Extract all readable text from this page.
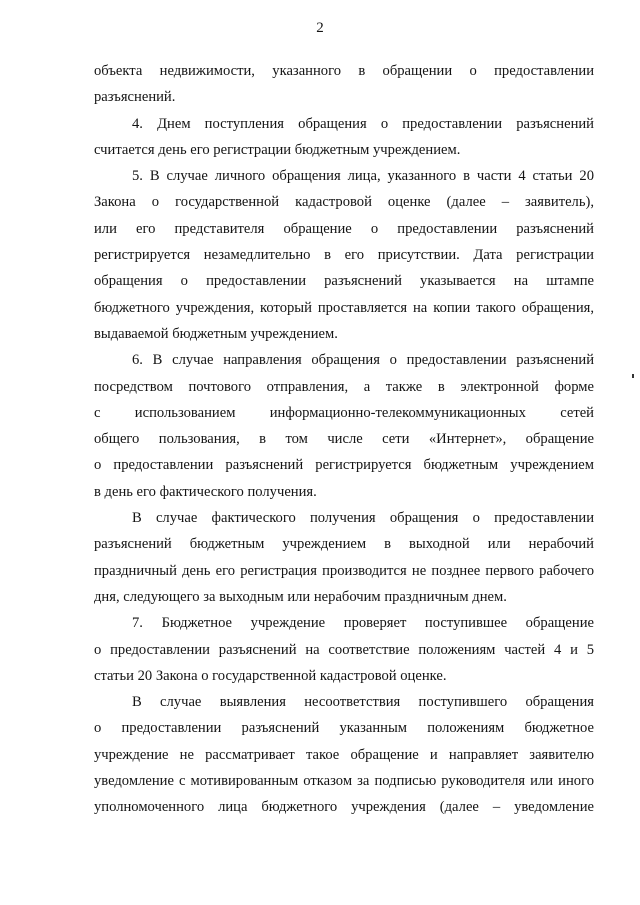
2

объекта недвижимости, указанного в обращении о предоставлении
разъяснений.

4. Днем поступления обращения о предоставлении разъяснений
считается день его регистрации бюджетным учреждением.

5. В случае личного обращения лица, указанного в части 4 статьи 20
Закона о государственной кадастровой оценке (далее – заявитель),
или его представителя обращение о предоставлении разъяснений
регистрируется незамедлительно в его присутствии. Дата регистрации
обращения о предоставлении разъяснений указывается на штампе
бюджетного учреждения, который проставляется на копии такого обращения,
выдаваемой бюджетным учреждением.

6. В случае направления обращения о предоставлении разъяснений
посредством почтового отправления, а также в электронной форме
с использованием информационно-телекоммуникационных сетей
общего пользования, в том числе сети «Интернет», обращение
о предоставлении разъяснений регистрируется бюджетным учреждением
в день его фактического получения.

В случае фактического получения обращения о предоставлении
разъяснений бюджетным учреждением в выходной или нерабочий
праздничный день его регистрация производится не позднее первого рабочего
дня, следующего за выходным или нерабочим праздничным днем.

7. Бюджетное учреждение проверяет поступившее обращение
о предоставлении разъяснений на соответствие положениям частей 4 и 5
статьи 20 Закона о государственной кадастровой оценке.

В случае выявления несоответствия поступившего обращения
о предоставлении разъяснений указанным положениям бюджетное
учреждение не рассматривает такое обращение и направляет заявителю
уведомление с мотивированным отказом за подписью руководителя или иного
уполномоченного лица бюджетного учреждения (далее – уведомление
